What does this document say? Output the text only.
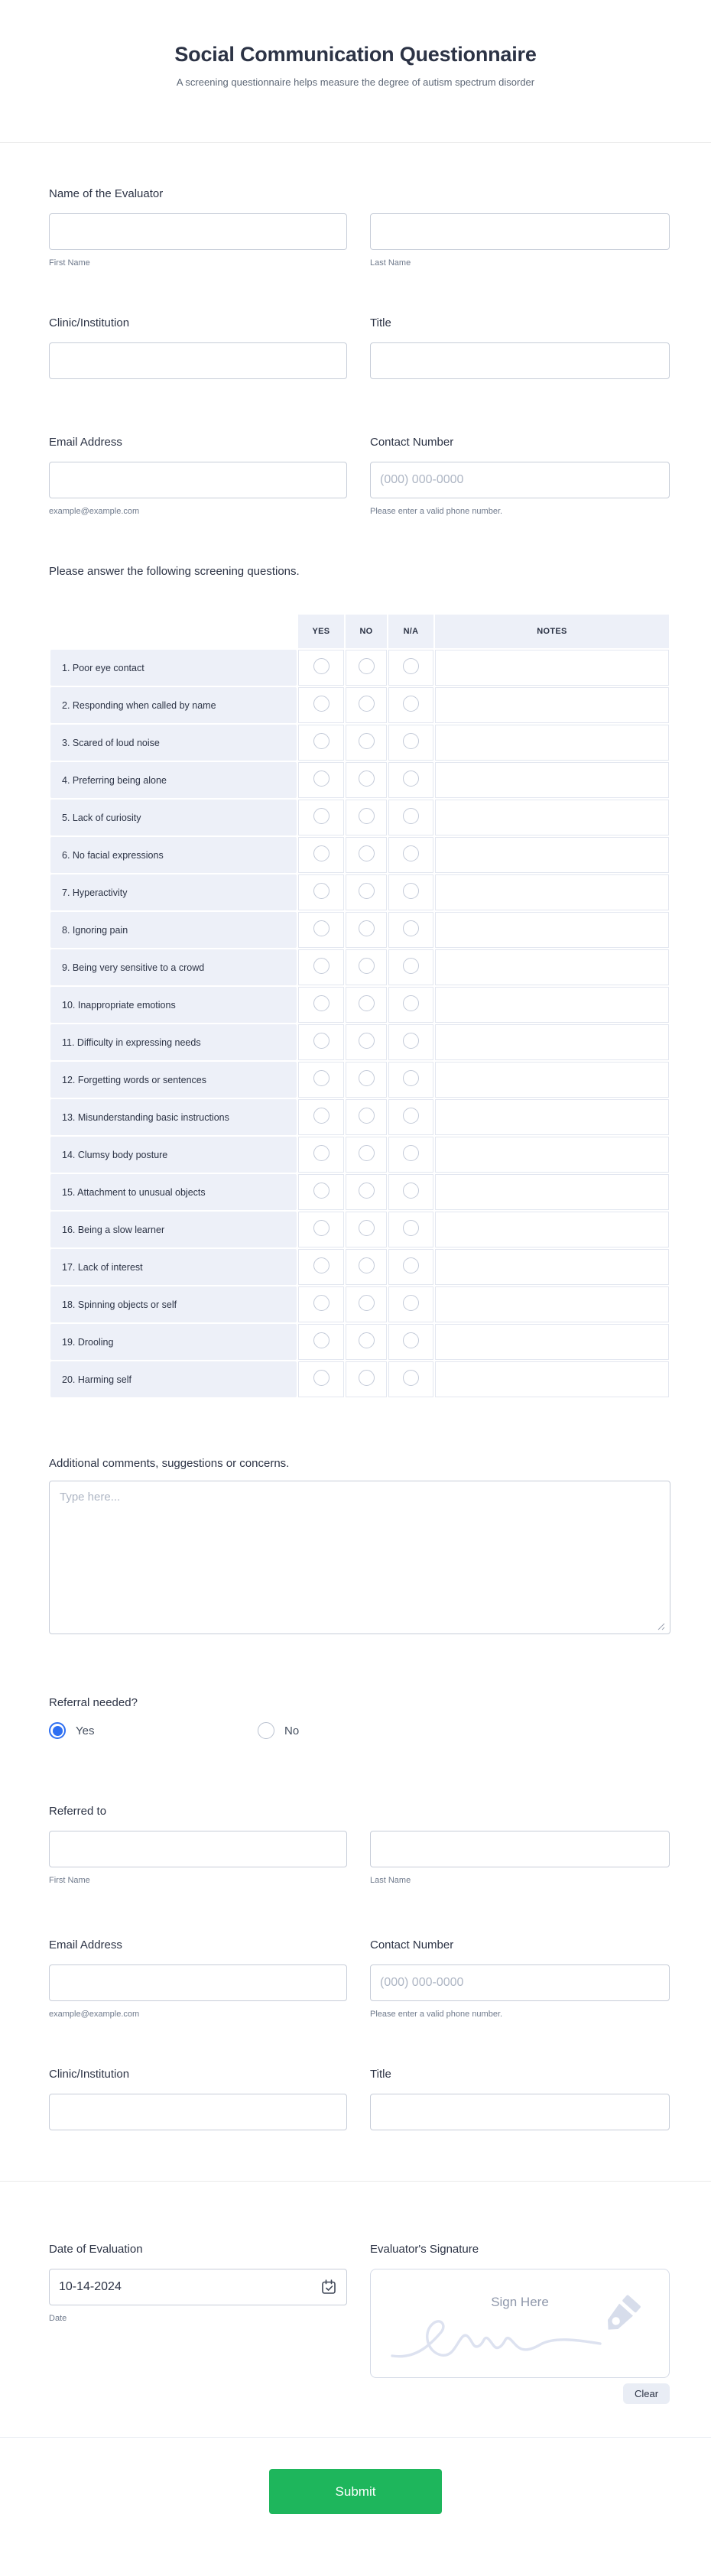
Social Communication Questionnaire
A screening questionnaire helps measure the degree of autism spectrum disorder
Name of the Evaluator
First Name	Last Name
Clinic/Institution	Title
Email Address	Contact Number
example@example.com
(000) 000-0000	Please enter a valid phone number.
Please answer the following screening questions.
	YES	NO	N/A	NOTES
1. Poor eye contact				
2. Responding when called by name				
3. Scared of loud noise				
4. Preferring being alone				
5. Lack of curiosity				
6. No facial expressions				
7. Hyperactivity				
8. Ignoring pain				
9. Being very sensitive to a crowd				
10. Inappropriate emotions				
11. Difficulty in expressing needs				
12. Forgetting words or sentences				
13. Misunderstanding basic instructions				
14. Clumsy body posture				
15. Attachment to unusual objects				
16. Being a slow learner				
17. Lack of interest				
18. Spinning objects or self				
19. Drooling				
20. Harming self				
Additional comments, suggestions or concerns.
Type here...
Referral needed?
Yes	No
Referred to
First Name	Last Name
Email Address	Contact Number
example@example.com
(000) 000-0000	Please enter a valid phone number.
Clinic/Institution	Title
Date of Evaluation	Evaluator's Signature
10-14-2024
Date
Sign Here
Clear
Submit
